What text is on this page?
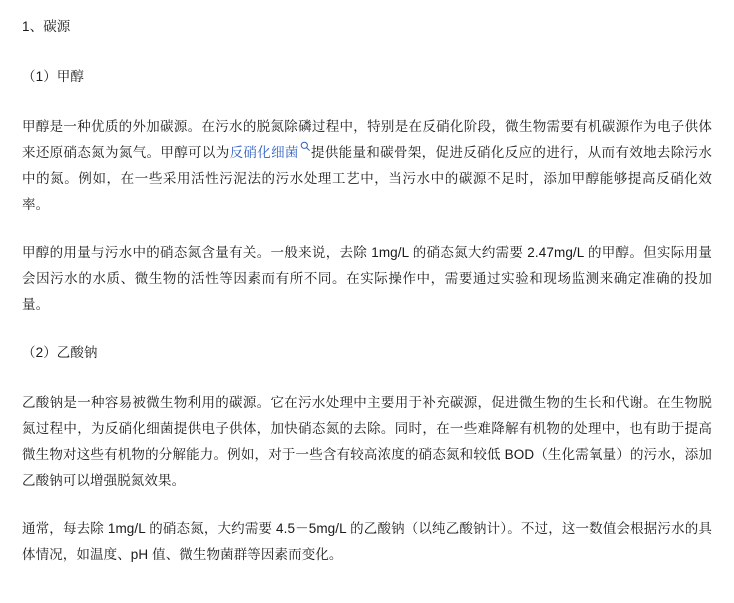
1、碳源

（1）甲醇

甲醇是一种优质的外加碳源。在污水的脱氮除磷过程中，特别是在反硝化阶段，微生物需要有机碳源作为电子供体来还原硝态氮为氮气。甲醇可以为反硝化细菌 提供能量和碳骨架，促进反硝化反应的进行，从而有效地去除污水中的氮。例如，在一些采用活性污泥法的污水处理工艺中，当污水中的碳源不足时，添加甲醇能够提高反硝化效率。

甲醇的用量与污水中的硝态氮含量有关。一般来说，去除 1mg/L 的硝态氮大约需要 2.47mg/L 的甲醇。但实际用量会因污水的水质、微生物的活性等因素而有所不同。在实际操作中，需要通过实验和现场监测来确定准确的投加量。

（2）乙酸钠

乙酸钠是一种容易被微生物利用的碳源。它在污水处理中主要用于补充碳源，促进微生物的生长和代谢。在生物脱氮过程中，为反硝化细菌提供电子供体，加快硝态氮的去除。同时，在一些难降解有机物的处理中，也有助于提高微生物对这些有机物的分解能力。例如，对于一些含有较高浓度的硝态氮和较低 BOD（生化需氧量）的污水，添加乙酸钠可以增强脱氮效果。

通常，每去除 1mg/L 的硝态氮，大约需要 4.5－5mg/L 的乙酸钠（以纯乙酸钠计）。不过，这一数值会根据污水的具体情况，如温度、pH 值、微生物菌群等因素而变化。
